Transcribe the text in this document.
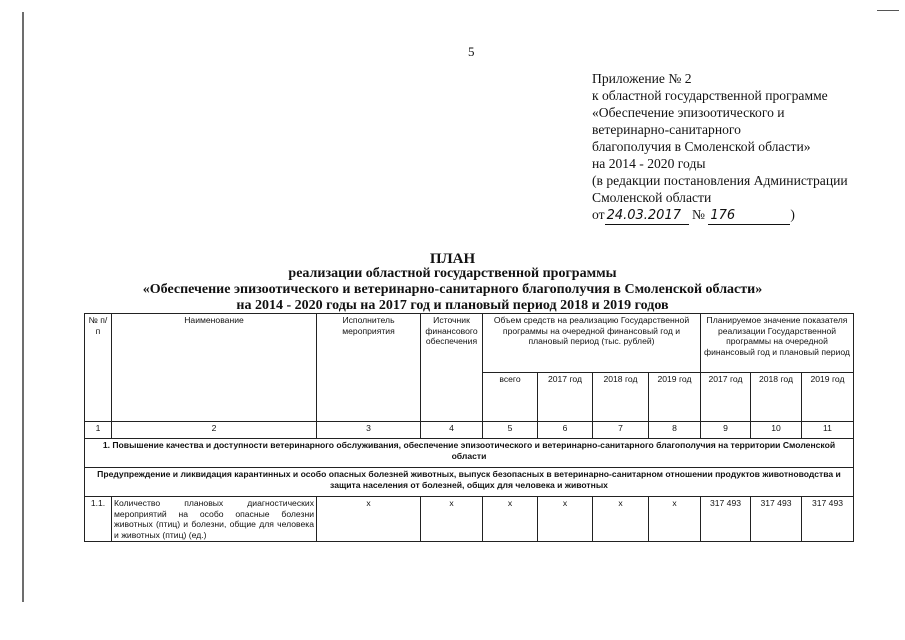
5
Приложение № 2
к областной государственной программе
«Обеспечение эпизоотического и
ветеринарно-санитарного
благополучия в Смоленской области»
на 2014 - 2020 годы
(в редакции постановления Администрации
Смоленской области
от 24.03.2017 № 176	)
ПЛАН
реализации областной государственной программы
«Обеспечение эпизоотического и ветеринарно-санитарного благополучия в Смоленской области»
на 2014 - 2020 годы на 2017 год и плановый период 2018 и 2019 годов
№ п/п	Наименование	Исполнитель мероприятия	Источник финансового обеспечения	Объем средств на реализацию Государственной программы на очередной финансовый год и плановый период (тыс. рублей)				Планируемое значение показателя реализации Государственной программы на очередной финансовый год и плановый период		
				всего	2017 год	2018 год	2019 год	2017 год	2018 год	2019 год
1	2	3	4	5	6	7	8	9	10	11
1. Повышение качества и доступности ветеринарного обслуживания, обеспечение эпизоотического и ветеринарно-санитарного благополучия на территории Смоленской области										
Предупреждение и ликвидация карантинных и особо опасных болезней животных, выпуск безопасных в ветеринарно-санитарном отношении продуктов животноводства и защита населения от болезней, общих для человека и животных										
1.1.	Количество плановых диагностических мероприятий на особо опасные болезни животных (птиц) и болезни, общие для человека и животных (птиц) (ед.)	х	х	х	х	х	х	317 493	317 493	317 493
